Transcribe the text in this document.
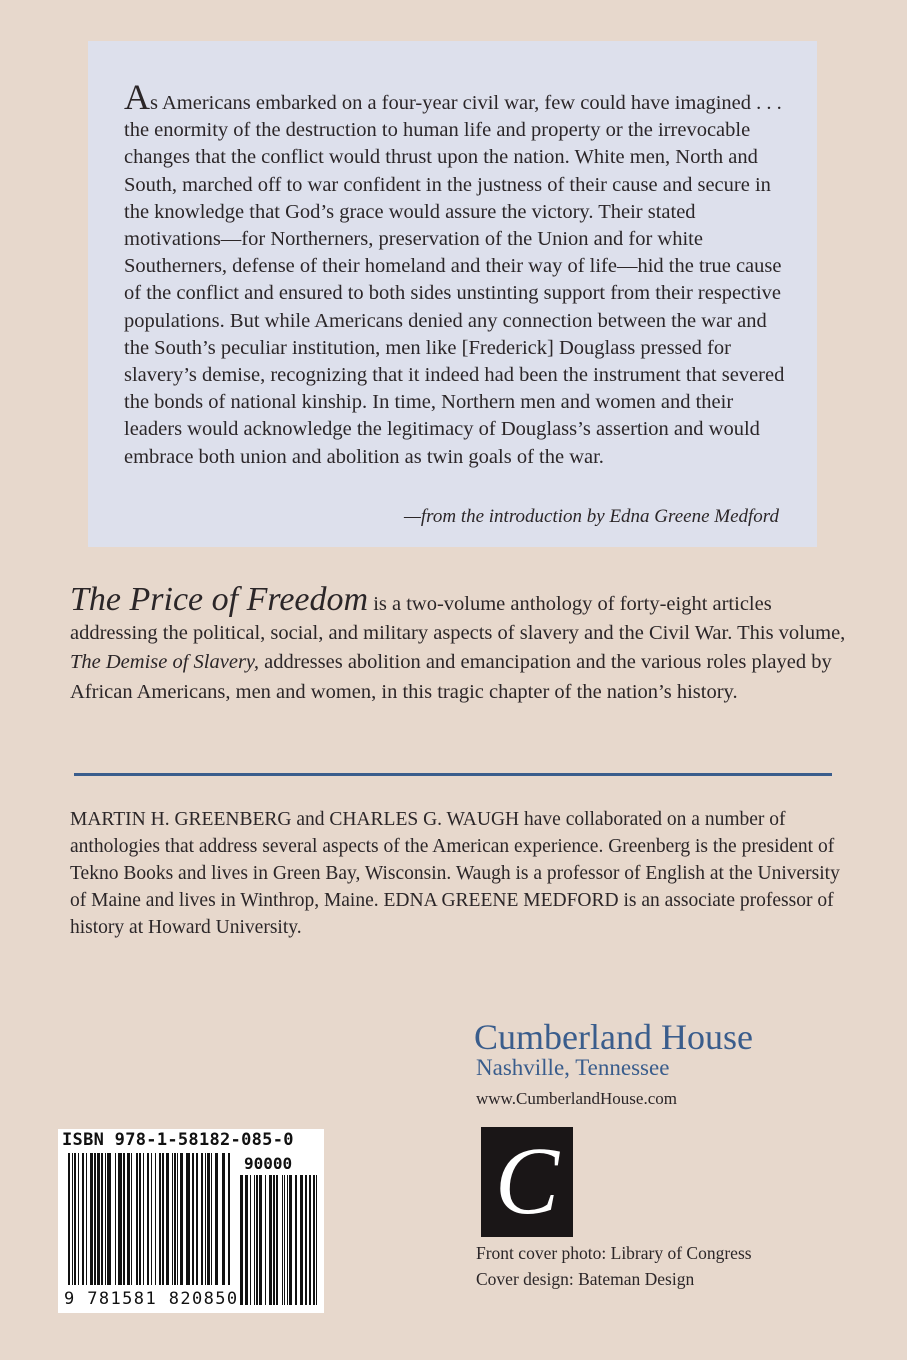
As Americans embarked on a four-year civil war, few could have imagined . . . the enormity of the destruction to human life and property or the irrevocable changes that the conflict would thrust upon the nation. White men, North and South, marched off to war confident in the justness of their cause and secure in the knowledge that God’s grace would assure the victory. Their stated motivations—for Northerners, preservation of the Union and for white Southerners, defense of their homeland and their way of life—hid the true cause of the conflict and ensured to both sides unstinting support from their respective populations. But while Americans denied any connection between the war and the South’s peculiar institution, men like [Frederick] Douglass pressed for slavery’s demise, recognizing that it indeed had been the instrument that severed the bonds of national kinship. In time, Northern men and women and their leaders would acknowledge the legitimacy of Douglass’s assertion and would embrace both union and abolition as twin goals of the war.

—from the introduction by Edna Greene Medford

The Price of Freedom is a two-volume anthology of forty-eight articles addressing the political, social, and military aspects of slavery and the Civil War. This volume, The Demise of Slavery, addresses abolition and emancipation and the various roles played by African Americans, men and women, in this tragic chapter of the nation’s history.

MARTIN H. GREENBERG and CHARLES G. WAUGH have collaborated on a number of anthologies that address several aspects of the American experience. Greenberg is the president of Tekno Books and lives in Green Bay, Wisconsin. Waugh is a professor of English at the University of Maine and lives in Winthrop, Maine. EDNA GREENE MEDFORD is an associate professor of history at Howard University.

Cumberland House
Nashville, Tennessee
www.CumberlandHouse.com
C
ISBN 978-1-58182-085-0
90000
9 781581 820850

Front cover photo: Library of Congress
Cover design: Bateman Design
